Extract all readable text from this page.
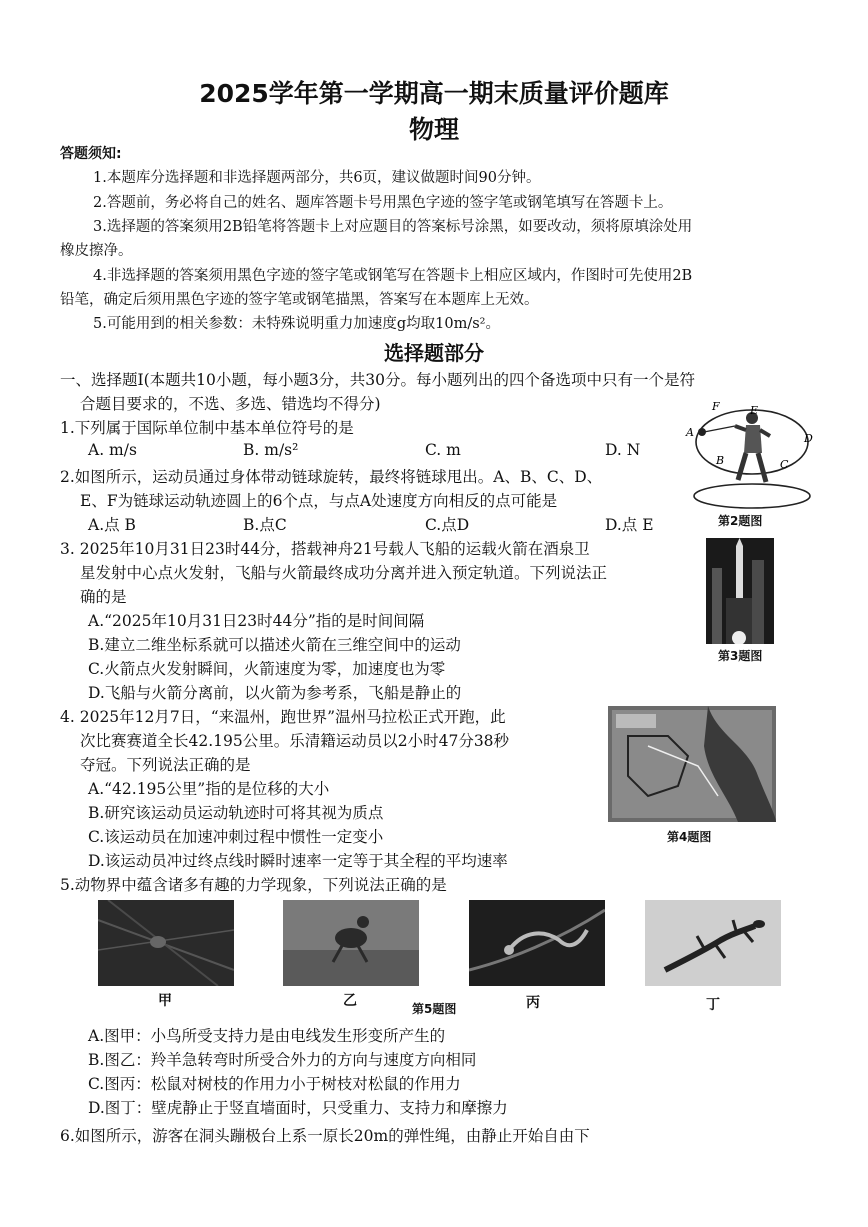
2025学年第一学期高一期末质量评价题库
物理
答题须知:
1.本题库分选择题和非选择题两部分，共6页，建议做题时间90分钟。
2.答题前，务必将自己的姓名、题库答题卡号用黑色字迹的签字笔或钢笔填写在答题卡上。
3.选择题的答案须用2B铅笔将答题卡上对应题目的答案标号涂黑，如要改动，须将原填涂处用
橡皮擦净。
4.非选择题的答案须用黑色字迹的签字笔或钢笔写在答题卡上相应区域内，作图时可先使用2B
铅笔，确定后须用黑色字迹的签字笔或钢笔描黑，答案写在本题库上无效。
5.可能用到的相关参数：未特殊说明重力加速度g均取10m/s²。
选择题部分
一、选择题Ⅰ(本题共10小题，每小题3分，共30分。每小题列出的四个备选项中只有一个是符
合题目要求的，不选、多选、错选均不得分)
1.下列属于国际单位制中基本单位符号的是
A. m/s	B. m/s²	C. m	D. N
2.如图所示，运动员通过身体带动链球旋转，最终将链球甩出。A、B、C、D、
E、F为链球运动轨迹圆上的6个点，与点A处速度方向相反的点可能是
A.点 B	B.点C	C.点D	D.点 E
F	E
A	D
B	C
第2题图
3. 2025年10月31日23时44分，搭载神舟21号载人飞船的运载火箭在酒泉卫
星发射中心点火发射，飞船与火箭最终成功分离并进入预定轨道。下列说法正
确的是
A.“2025年10月31日23时44分”指的是时间间隔
B.建立二维坐标系就可以描述火箭在三维空间中的运动
C.火箭点火发射瞬间，火箭速度为零，加速度也为零
D.飞船与火箭分离前，以火箭为参考系，飞船是静止的
第3题图
4. 2025年12月7日，“来温州，跑世界”温州马拉松正式开跑，此
次比赛赛道全长42.195公里。乐清籍运动员以2小时47分38秒
夺冠。下列说法正确的是
A.“42.195公里”指的是位移的大小
B.研究该运动员运动轨迹时可将其视为质点
C.该运动员在加速冲刺过程中惯性一定变小
D.该运动员冲过终点线时瞬时速率一定等于其全程的平均速率
第4题图
5.动物界中蕴含诸多有趣的力学现象，下列说法正确的是
甲	乙	丙	丁
第5题图
A.图甲：小鸟所受支持力是由电线发生形变所产生的
B.图乙：羚羊急转弯时所受合外力的方向与速度方向相同
C.图丙：松鼠对树枝的作用力小于树枝对松鼠的作用力
D.图丁：壁虎静止于竖直墙面时，只受重力、支持力和摩擦力
6.如图所示，游客在洞头蹦极台上系一原长20m的弹性绳，由静止开始自由下
